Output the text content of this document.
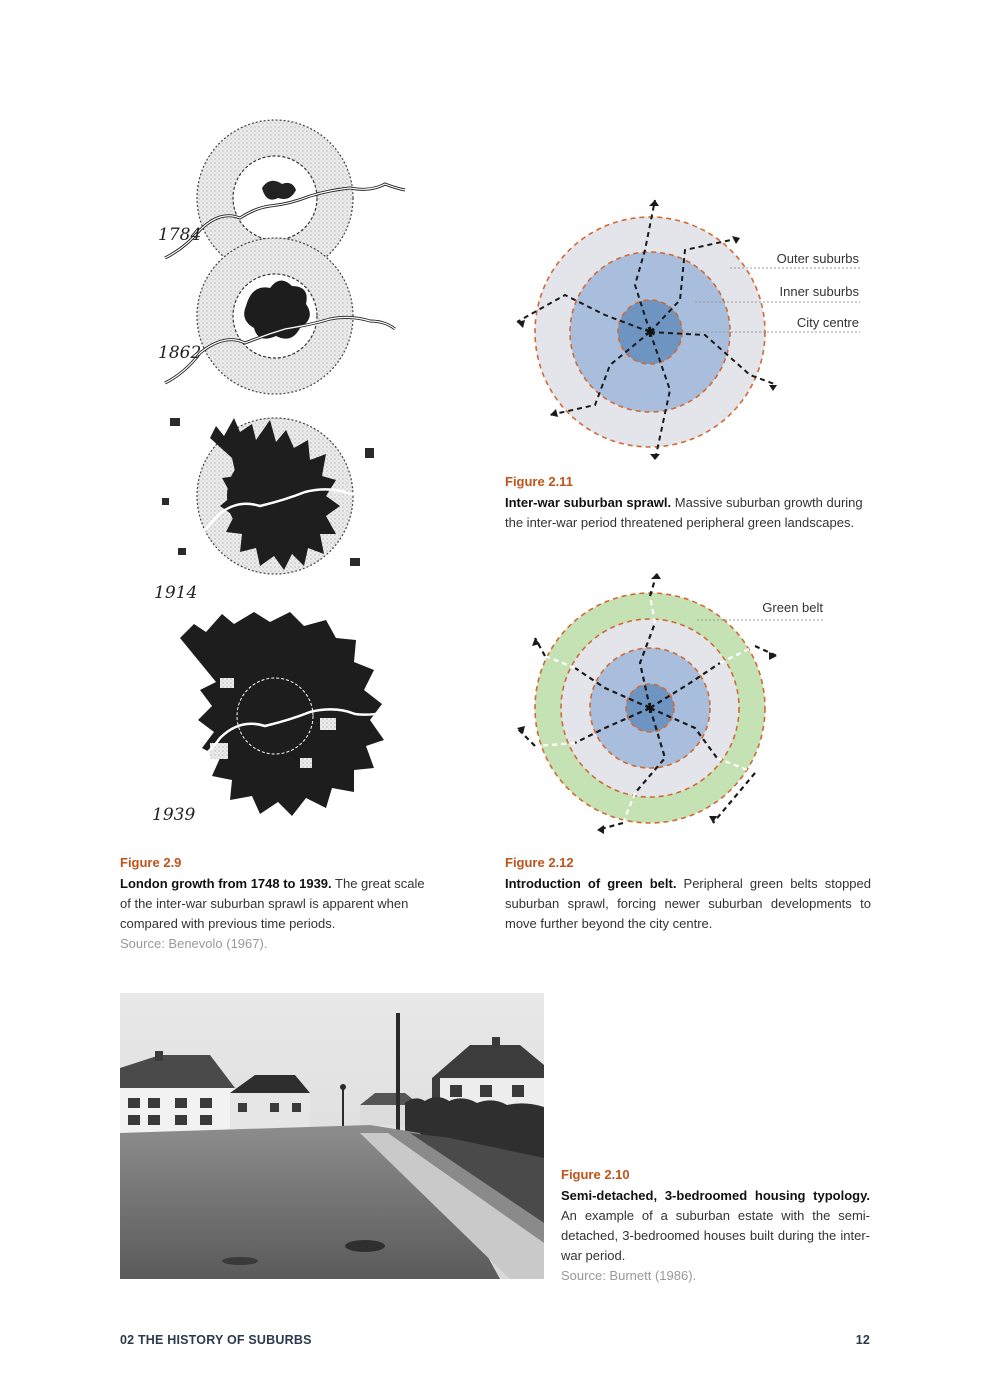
1784
1862
1914
1939
✱
Outer suburbs
Inner suburbs
City centre
Figure 2.11
Inter-war suburban sprawl. Massive suburban growth during the inter-war period threatened peripheral green landscapes.
✱
Green belt
Figure 2.9
London growth from 1748 to 1939. The great scale of the inter-war suburban sprawl is apparent when compared with previous time periods.
Source: Benevolo (1967).
Figure 2.12
Introduction of green belt. Peripheral green belts stopped suburban sprawl, forcing newer suburban developments to move further beyond the city centre.
Figure 2.10
Semi-detached, 3-bedroomed housing typology. An example of a suburban estate with the semi-detached, 3-bedroomed houses built during the inter-war period.
Source: Burnett (1986).
02 THE HISTORY OF SUBURBS	12
